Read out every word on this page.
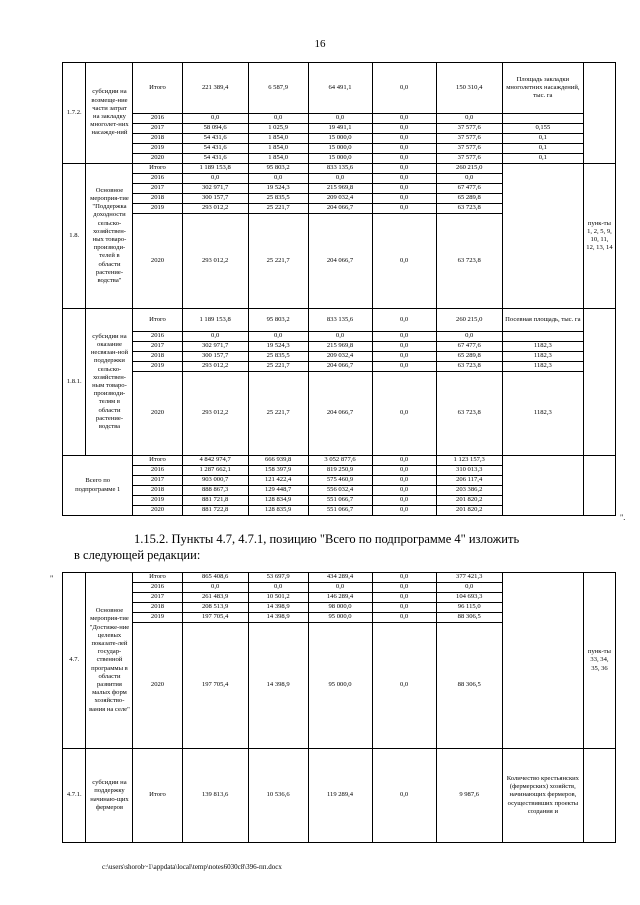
16
1.7.2.	субсидии на возмеще-ние части затрат на закладку многолет-них насажде-ний	Итого	221 389,4	6 587,9	64 491,1	0,0	150 310,4	Площадь закладки многолетних насаждений, тыс. га	
		2016	0,0	0,0	0,0	0,0	0,0		
		2017	58 094,6	1 025,9	19 491,1	0,0	37 577,6	0,155	
		2018	54 431,6	1 854,0	15 000,0	0,0	37 577,6	0,1	
		2019	54 431,6	1 854,0	15 000,0	0,0	37 577,6	0,1	
		2020	54 431,6	1 854,0	15 000,0	0,0	37 577,6	0,1	
1.8.	Основное мероприя-тие "Поддержка доходности сельско-хозяйствен-ных товаро-производи-телей в области растение-водства"	Итого	1 189 153,8	95 803,2	833 135,6	0,0	260 215,0		пунк-ты 1, 2, 5, 9, 10, 11, 12, 13, 14
		2016	0,0	0,0	0,0	0,0	0,0		
		2017	302 971,7	19 524,3	215 969,8	0,0	67 477,6		
		2018	300 157,7	25 835,5	209 032,4	0,0	65 289,8		
		2019	293 012,2	25 221,7	204 066,7	0,0	63 723,8		
		2020	293 012,2	25 221,7	204 066,7	0,0	63 723,8		
1.8.1.	субсидии на оказание несвязан-ной поддержки сельско-хозяйствен-ным товаро-производи-телям в области растение-водства	Итого	1 189 153,8	95 803,2	833 135,6	0,0	260 215,0	Посевная площадь, тыс. га	
		2016	0,0	0,0	0,0	0,0	0,0		
		2017	302 971,7	19 524,3	215 969,8	0,0	67 477,6	1182,3	
		2018	300 157,7	25 835,5	209 032,4	0,0	65 289,8	1182,3	
		2019	293 012,2	25 221,7	204 066,7	0,0	63 723,8	1182,3	
		2020	293 012,2	25 221,7	204 066,7	0,0	63 723,8	1182,3	
Всего по подпрограмме 1		Итого	4 842 974,7	666 939,8	3 052 877,6	0,0	1 123 157,3		
		2016	1 287 662,1	158 397,9	819 250,9	0,0	310 013,3		
		2017	903 000,7	121 422,4	575 460,9	0,0	206 117,4		
		2018	888 867,3	129 448,7	556 032,4	0,0	203 386,2		
		2019	881 721,8	128 834,9	551 066,7	0,0	201 820,2		
		2020	881 722,8	128 835,9	551 066,7	0,0	201 820,2		
".
1.15.2. Пункты 4.7, 4.7.1, позицию "Всего по подпрограмме 4" изложить
в следующей редакции:
"
4.7.	Основное мероприя-тие "Достиже-ние целевых показате-лей государ-ственной программы в области развития малых форм хозяйство-вания на селе"	Итого	865 408,6	53 697,9	434 289,4	0,0	377 421,3		пунк-ты 33, 34, 35, 36
		2016	0,0	0,0	0,0	0,0	0,0		
		2017	261 483,9	10 501,2	146 289,4	0,0	104 693,3		
		2018	208 513,9	14 398,9	98 000,0	0,0	96 115,0		
		2019	197 705,4	14 398,9	95 000,0	0,0	88 306,5		
		2020	197 705,4	14 398,9	95 000,0	0,0	88 306,5		
4.7.1.	субсидии на поддержку начинаю-щих фермеров	Итого	139 813,6	10 536,6	119 289,4	0,0	9 987,6	Количество крестьянских (фермерских) хозяйств, начинающих фермеров, осуществивших проекты создания и	
c:\users\shorob~1\appdata\local\temp\notes6030c8\396-пп.docx
